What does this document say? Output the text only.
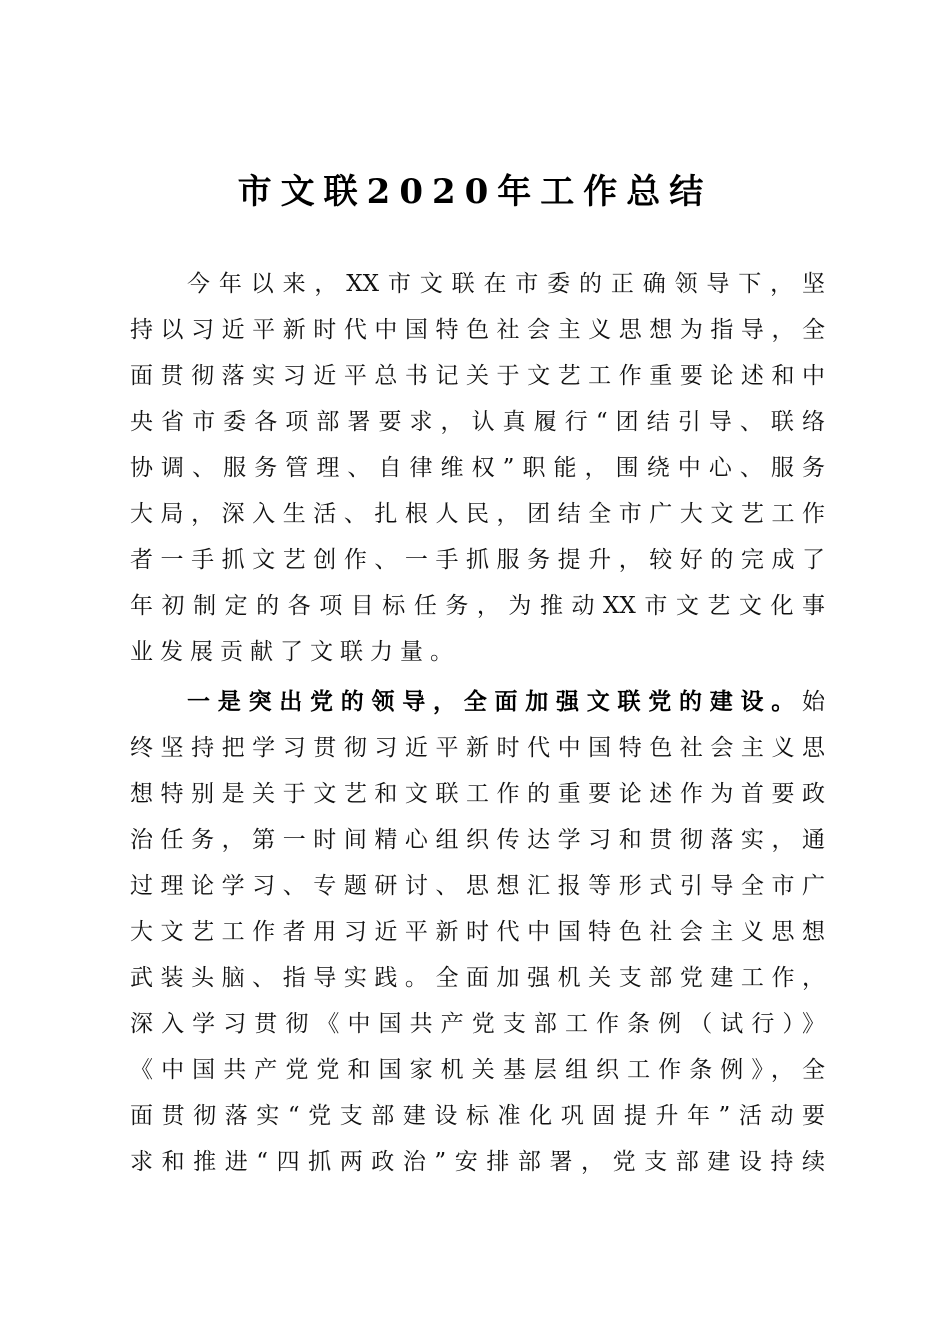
市文联2020年工作总结
今年以来，XX市文联在市委的正确领导下，坚
持以习近平新时代中国特色社会主义思想为指导，全
面贯彻落实习近平总书记关于文艺工作重要论述和中
央省市委各项部署要求，认真履行“团结引导、联络
协调、服务管理、自律维权”职能，围绕中心、服务
大局，深入生活、扎根人民，团结全市广大文艺工作
者一手抓文艺创作、一手抓服务提升，较好的完成了
年初制定的各项目标任务，为推动XX市文艺文化事
业发展贡献了文联力量。
一是突出党的领导，全面加强文联党的建设。始
终坚持把学习贯彻习近平新时代中国特色社会主义思
想特别是关于文艺和文联工作的重要论述作为首要政
治任务，第一时间精心组织传达学习和贯彻落实，通
过理论学习、专题研讨、思想汇报等形式引导全市广
大文艺工作者用习近平新时代中国特色社会主义思想
武装头脑、指导实践。全面加强机关支部党建工作，
深入学习贯彻《中国共产党支部工作条例（试行）》
《中国共产党党和国家机关基层组织工作条例》，全
面贯彻落实“党支部建设标准化巩固提升年”活动要
求和推进“四抓两政治”安排部署，党支部建设持续
